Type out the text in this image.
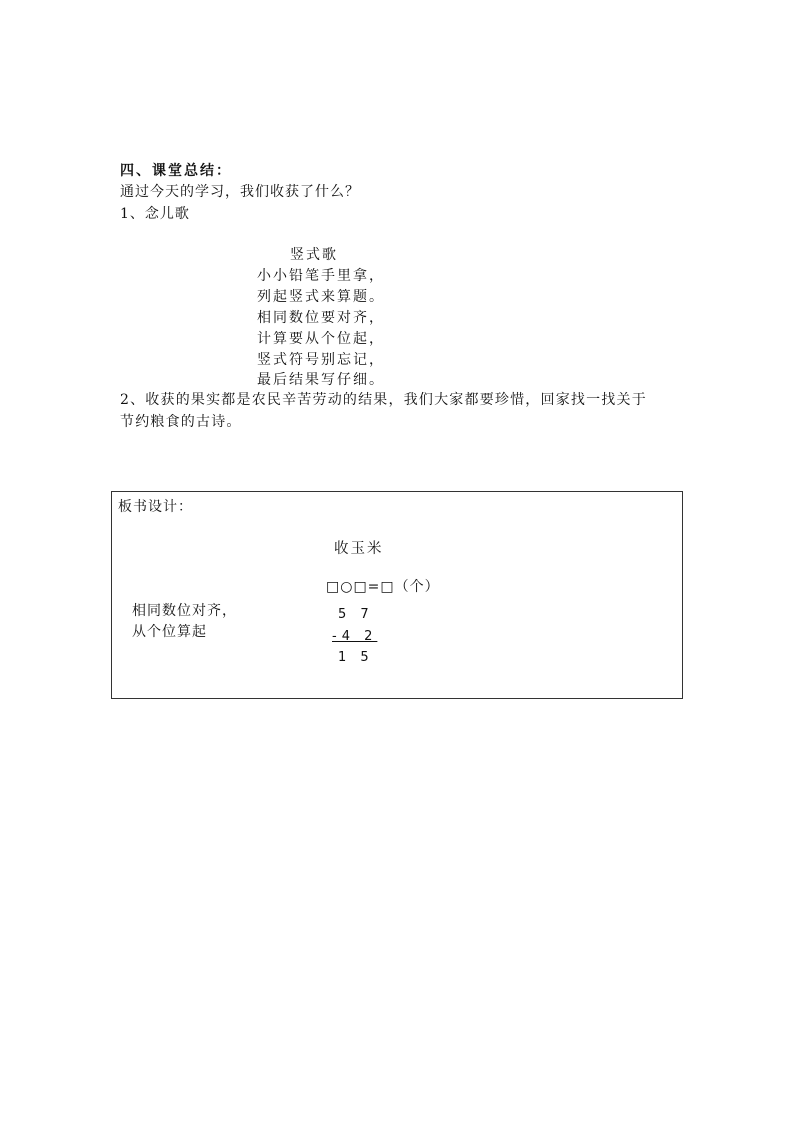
四、课堂总结：
通过今天的学习，我们收获了什么？
1、念儿歌
竖式歌
小小铅笔手里拿，
列起竖式来算题。
相同数位要对齐，
计算要从个位起，
竖式符号别忘记，
最后结果写仔细。
2、收获的果实都是农民辛苦劳动的结果，我们大家都要珍惜，回家找一找关于
节约粮食的古诗。
板书设计：
收玉米
□○□=□（个）
相同数位对齐，
从个位算起
5 7
-4 2
1 5
